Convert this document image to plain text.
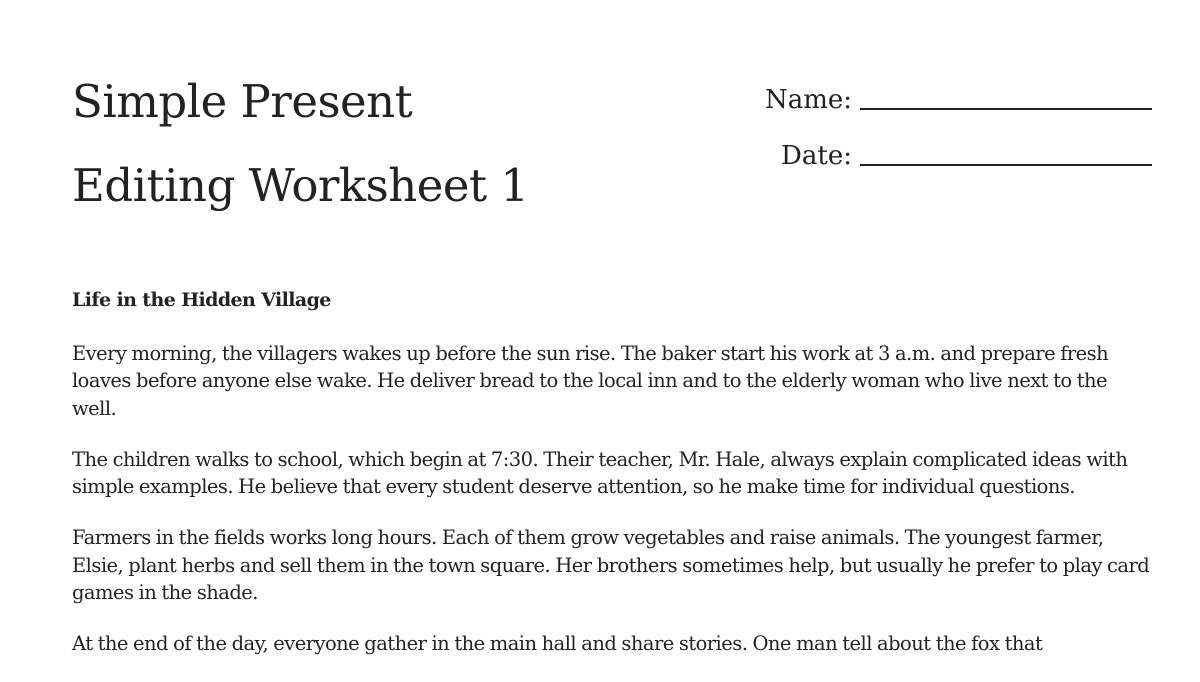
Simple Present
Editing Worksheet 1
Name:
Date:
Life in the Hidden Village

Every morning, the villagers wakes up before the sun rise. The baker start his work at 3 a.m. and prepare fresh loaves before anyone else wake. He deliver bread to the local inn and to the elderly woman who live next to the well.

The children walks to school, which begin at 7:30. Their teacher, Mr. Hale, always explain complicated ideas with simple examples. He believe that every student deserve attention, so he make time for individual questions.

Farmers in the fields works long hours. Each of them grow vegetables and raise animals. The youngest farmer, Elsie, plant herbs and sell them in the town square. Her brothers sometimes help, but usually he prefer to play card games in the shade.

At the end of the day, everyone gather in the main hall and share stories. One man tell about the fox that
